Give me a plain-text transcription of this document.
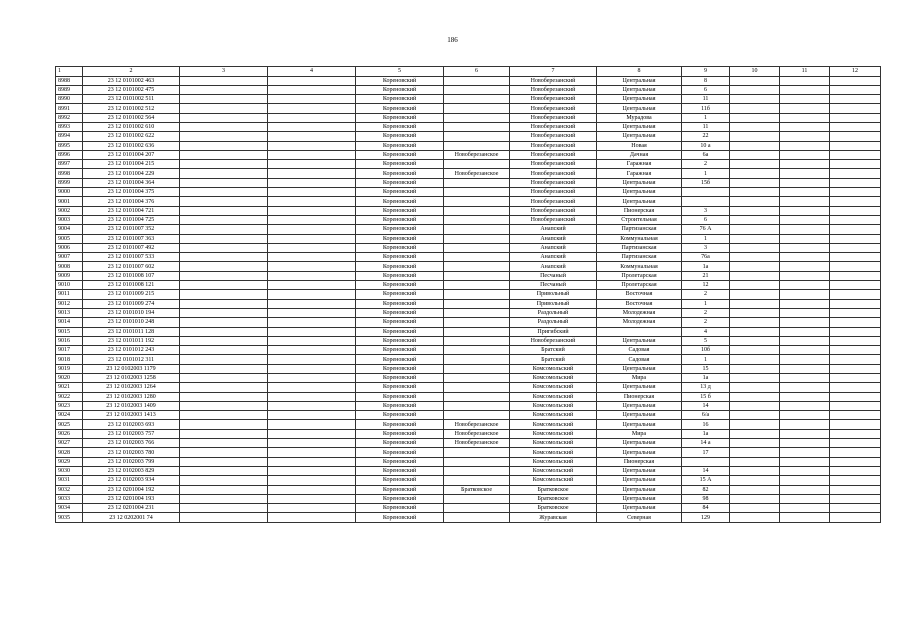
186
1	2	3	4	5	6	7	8	9	10	11	12
8988	23 12 0101002 463			Кореновский		Новоберезанский	Центральная	8			
8989	23 12 0101002 475			Кореновский		Новоберезанский	Центральная	6			
8990	23 12 0101002 511			Кореновский		Новоберезанский	Центральная	11			
8991	23 12 0101002 512			Кореновский		Новоберезанский	Центральная	11б			
8992	23 12 0101002 564			Кореновский		Новоберезанский	Мурадова	1			
8993	23 12 0101002 610			Кореновский		Новоберезанский	Центральная	11			
8994	23 12 0101002 622			Кореновский		Новоберезанский	Центральная	22			
8995	23 12 0101002 636			Кореновский		Новоберезанский	Новая	10 а			
8996	23 12 0101004 207			Кореновский	Новоберезанское	Новоберезанский	Дачная	6а			
8997	23 12 0101004 215			Кореновский		Новоберезанский	Гаражная	2			
8998	23 12 0101004 229			Кореновский	Новоберезанское	Новоберезанский	Гаражная	1			
8999	23 12 0101004 364			Кореновский		Новоберезанский	Центральная	15б			
9000	23 12 0101004 375			Кореновский		Новоберезанский	Центральная				
9001	23 12 0101004 376			Кореновский		Новоберезанский	Центральная				
9002	23 12 0101004 721			Кореновский		Новоберезанский	Пионерская	3			
9003	23 12 0101004 725			Кореновский		Новоберезанский	Строительная	6			
9004	23 12 0101007 352			Кореновский		Анапский	Партизанская	76 А			
9005	23 12 0101007 363			Кореновский		Анапский	Коммунальная	1			
9006	23 12 0101007 492			Кореновский		Анапский	Партизанская	3			
9007	23 12 0101007 533			Кореновский		Анапский	Партизанская	76а			
9008	23 12 0101007 602			Кореновский		Анапский	Коммунальная	1а			
9009	23 12 0101008 107			Кореновский		Песчаный	Пролетарская	21			
9010	23 12 0101008 121			Кореновский		Песчаный	Пролетарская	12			
9011	23 12 0101009 215			Кореновский		Привольный	Восточная	2			
9012	23 12 0101009 274			Кореновский		Привольный	Восточная	1			
9013	23 12 0101010 194			Кореновский		Раздольный	Молодежная	2			
9014	23 12 0101010 248			Кореновский		Раздольный	Молодежная	2			
9015	23 12 0101011 128			Кореновский		Пригибский		4			
9016	23 12 0101011 192			Кореновский		Новоберезанский	Центральная	5			
9017	23 12 0101012 243			Кореновский		Братский	Садовая	10б			
9018	23 12 0101012 311			Кореновский		Братский	Садовая	1			
9019	23 12 0102003 1179			Кореновский		Комсомольский	Центральная	15			
9020	23 12 0102003 1258			Кореновский		Комсомольский	Мира	1а			
9021	23 12 0102003 1264			Кореновский		Комсомольский	Центральная	13 д			
9022	23 12 0102003 1280			Кореновский		Комсомольский	Пионерская	15 б			
9023	23 12 0102003 1409			Кореновский		Комсомольский	Центральная	14			
9024	23 12 0102003 1413			Кореновский		Комсомольский	Центральная	6/а			
9025	23 12 0102003 693			Кореновский	Новоберезанское	Комсомольский	Центральная	16			
9026	23 12 0102003 757			Кореновский	Новоберезанское	Комсомольский	Мира	1а			
9027	23 12 0102003 766			Кореновский	Новоберезанское	Комсомольский	Центральная	14 а			
9028	23 12 0102003 780			Кореновский		Комсомольский	Центральная	17			
9029	23 12 0102003 799			Кореновский		Комсомольский	Пионерская				
9030	23 12 0102003 829			Кореновский		Комсомольский	Центральная	14			
9031	23 12 0102003 934			Кореновский		Комсомольский	Центральная	15 А			
9032	23 12 0201004 192			Кореновский	Братковское	Братковское	Центральная	82			
9033	23 12 0201004 193			Кореновский		Братковское	Центральная	98			
9034	23 12 0201004 231			Кореновский		Братковское	Центральная	84			
9035	23 12 0202001 74			Кореновский		Журавская	Северная	129			
